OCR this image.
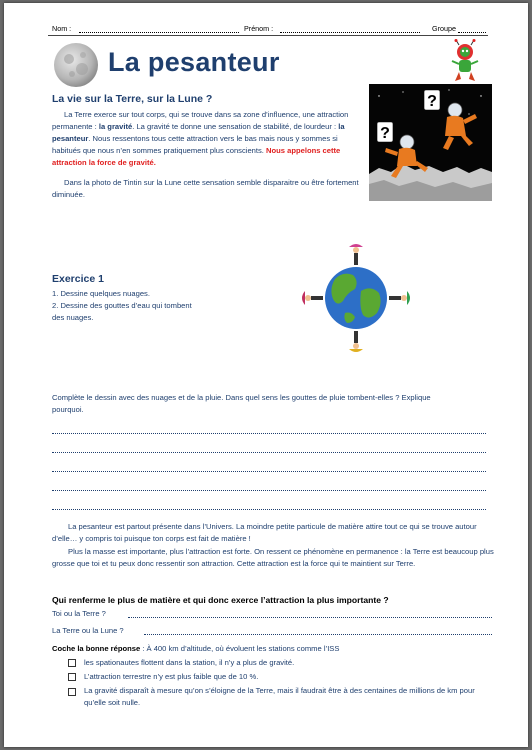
Nom :	Prénom :	Groupe
La pesanteur
La vie sur la Terre, sur la Lune ?
La Terre exerce sur tout corps, qui se trouve dans sa zone d’influence, une attraction permanente : la gravité. La gravité te donne une sensation de stabilité, de lourdeur : la pesanteur. Nous ressentons tous cette attraction vers le bas mais nous y sommes si habitués que nous n’en sommes pratiquement plus conscients. Nous appelons cette attraction la force de gravité.
Dans la photo de Tintin sur la Lune cette sensation semble disparaitre ou être fortement diminuée.
?
?
Exercice 1
1. Dessine quelques nuages.
2. Dessine des gouttes d’eau qui tombent
des nuages.
Complète le dessin avec des nuages et de la pluie. Dans quel sens les gouttes de pluie tombent-elles ? Explique
pourquoi.
La pesanteur est partout présente dans l’Univers. La moindre petite particule de matière attire tout ce qui se trouve autour d’elle… y compris toi puisque ton corps est fait de matière !
Plus la masse est importante, plus l’attraction est forte. On ressent ce phénomène en permanence : la Terre est beaucoup plus grosse que toi et tu peux donc ressentir son attraction. Cette attraction est la force qui te maintient sur Terre.
Qui renferme le plus de matière et qui donc exerce l’attraction la plus importante ?
Toi ou la Terre ?
La Terre ou la Lune ?
Coche la bonne réponse : À 400 km d’altitude, où évoluent les stations comme l’ISS
les spationautes flottent dans la station, il n’y a plus de gravité.
L’attraction terrestre n’y est plus faible que de 10 %.
La gravité disparaît à mesure qu’on s’éloigne de la Terre, mais il faudrait être à des centaines de millions de km pour qu’elle soit nulle.
